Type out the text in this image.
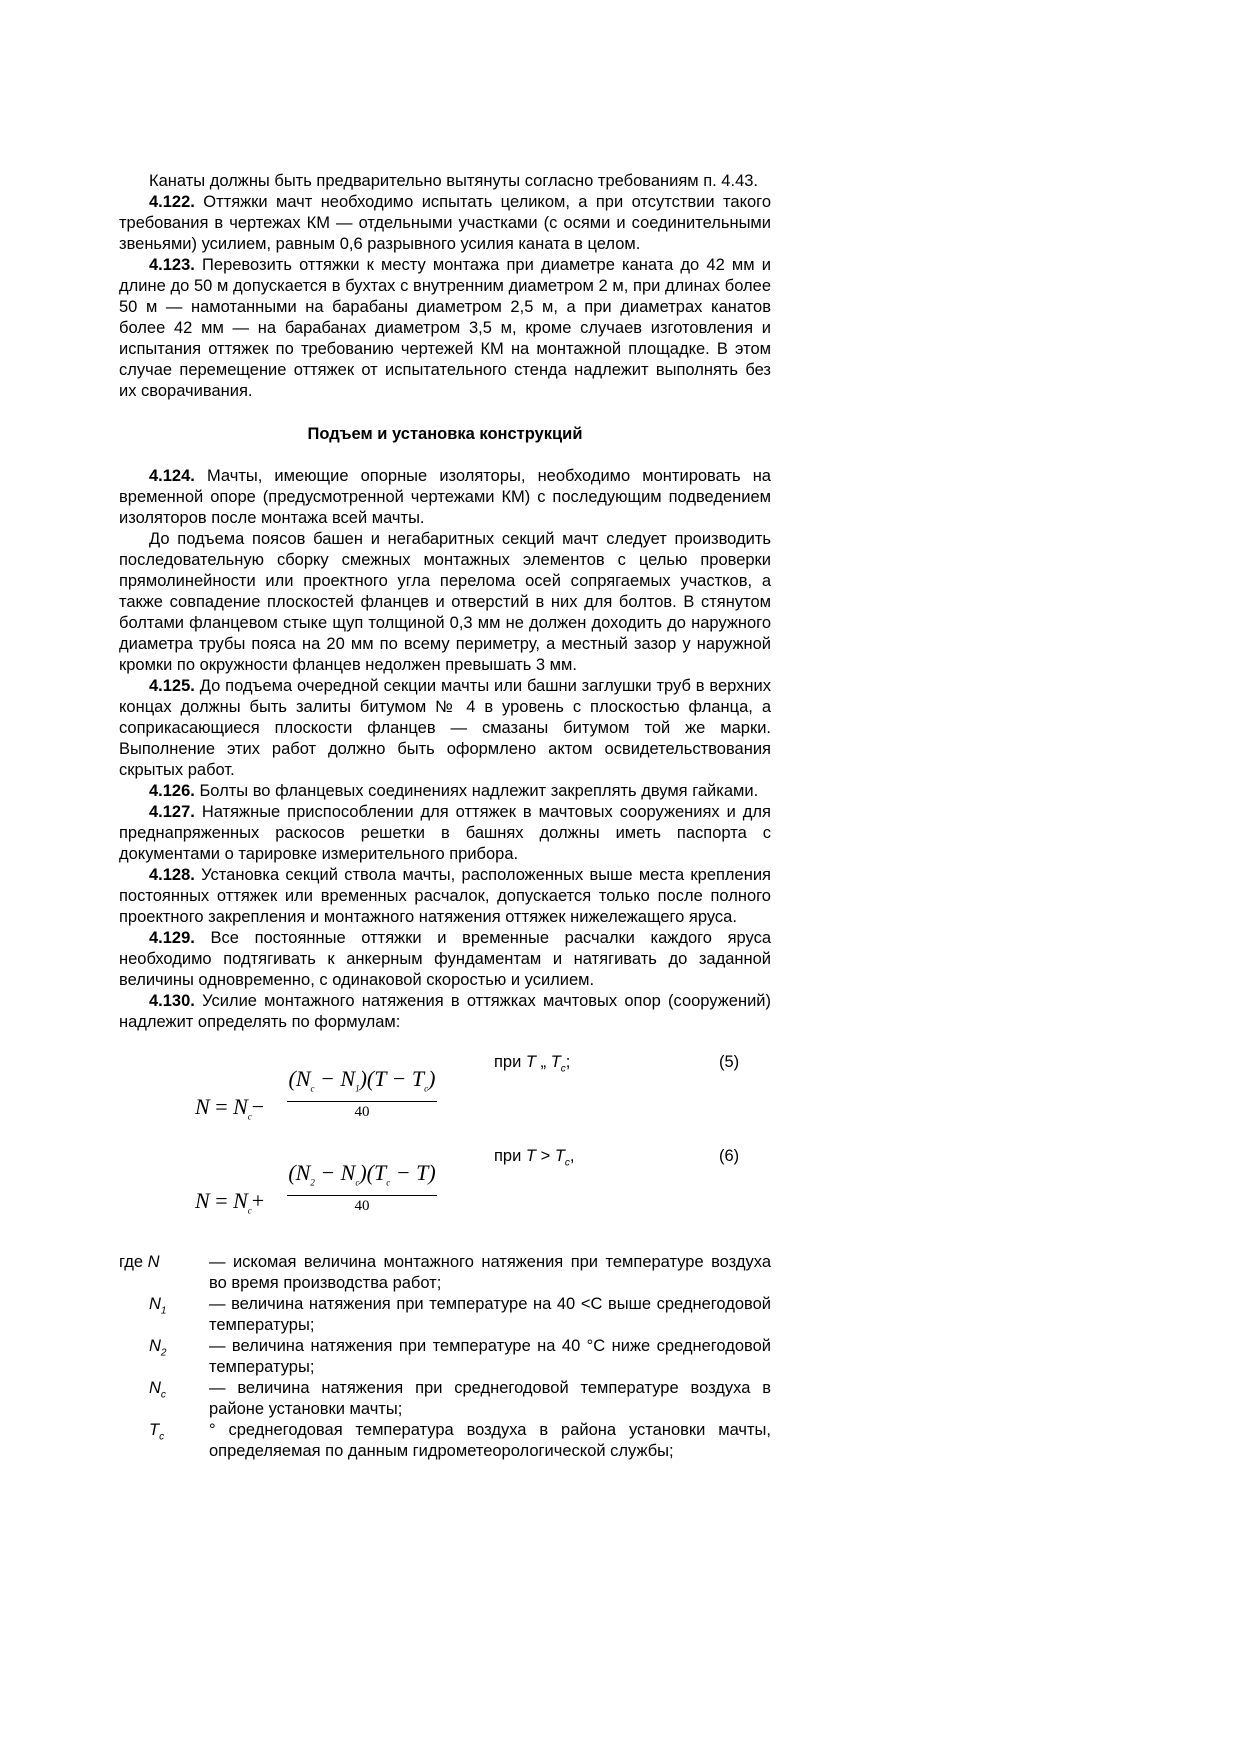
Канаты должны быть предварительно вытянуты согласно требованиям п. 4.43.

4.122. Оттяжки мачт необходимо испытать целиком, а при отсутствии такого требования в чертежах КМ — отдельными участками (с осями и соединительными звеньями) усилием, равным 0,6 разрывного усилия каната в целом.

4.123. Перевозить оттяжки к месту монтажа при диаметре каната до 42 мм и длине до 50 м допускается в бухтах с внутренним диаметром 2 м, при длинах более 50 м — намотанными на барабаны диаметром 2,5 м, а при диаметрах канатов более 42 мм — на барабанах диаметром 3,5 м, кроме случаев изготовления и испытания оттяжек по требованию чертежей КМ на монтажной площадке. В этом случае перемещение оттяжек от испытательного стенда надлежит выполнять без их сворачивания.

Подъем и установка конструкций

4.124. Мачты, имеющие опорные изоляторы, необходимо монтировать на временной опоре (предусмотренной чертежами КМ) с последующим подведением изоляторов после монтажа всей мачты.

До подъема поясов башен и негабаритных секций мачт следует производить последовательную сборку смежных монтажных элементов с целью проверки прямолинейности или проектного угла перелома осей сопрягаемых участков, а также совпадение плоскостей фланцев и отверстий в них для болтов. В стянутом болтами фланцевом стыке щуп толщиной 0,3 мм не должен доходить до наружного диаметра трубы пояса на 20 мм по всему периметру, а местный зазор у наружной кромки по окружности фланцев недолжен превышать 3 мм.

4.125. До подъема очередной секции мачты или башни заглушки труб в верхних концах должны быть залиты битумом № 4 в уровень с плоскостью фланца, а соприкасающиеся плоскости фланцев — смазаны битумом той же марки. Выполнение этих работ должно быть оформлено актом освидетельствования скрытых работ.

4.126. Болты во фланцевых соединениях надлежит закреплять двумя гайками.

4.127. Натяжные приспособлении для оттяжек в мачтовых сооружениях и для преднапряженных раскосов решетки в башнях должны иметь паспорта с документами о тарировке измерительного прибора.

4.128. Установка секций ствола мачты, расположенных выше места крепления постоянных оттяжек или временных расчалок, допускается только после полного проектного закрепления и монтажного натяжения оттяжек нижележащего яруса.

4.129. Все постоянные оттяжки и временные расчалки каждого яруса необходимо подтягивать к анкерным фундаментам и натягивать до заданной величины одновременно, с одинаковой скоростью и усилием.

4.130. Усилие монтажного натяжения в оттяжках мачтовых опор (сооружений) надлежит определять по формулам:

при T „ $T_c$;	(5)
$N = N_c-$
$(N_c - N_1)(T - T_c)$
40
при $T > T_c$,	(6)
$N = N_c+$
$(N_2 - N_c)(T_c - T)$
40
где N	— искомая величина монтажного натяжения при температуре воздуха во время производства работ;
$N_1$	— величина натяжения при температуре на 40 <С выше среднегодовой температуры;
$N_2$	— величина натяжения при температуре на 40 °С ниже среднегодовой температуры;
$N_c$	— величина натяжения при среднегодовой температуре воздуха в районе установки мачты;
$T_c$	° среднегодовая температура воздуха в района установки мачты, определяемая по данным гидрометеорологической службы;
